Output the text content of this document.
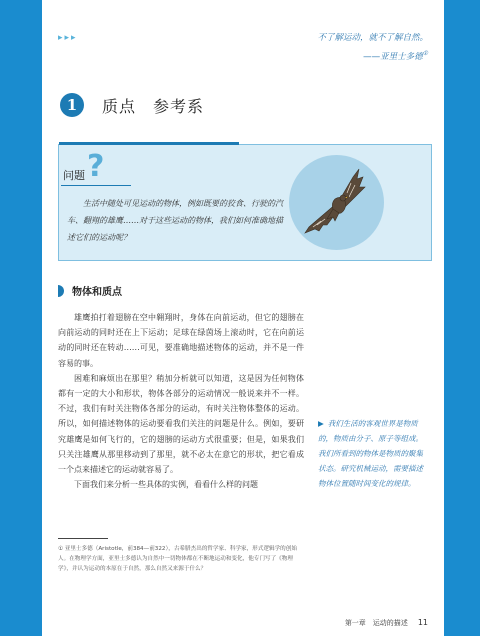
▸▸▸	不了解运动，就不了解自然。
——亚里士多德①
1	质点　参考系
?
问题
生活中随处可见运动的物体，例如既要的狡食、行驶的汽车、翻翔的雄鹰……对于这些运动的物体，我们如何准确地描述它们的运动呢？
物体和质点

雄鹰拍打着翅膀在空中翱翔时，身体在向前运动，但它的翅膀在向前运动的同时还在上下运动；足球在绿茵场上滚动时，它在向前运动的同时还在转动……可见，要准确地描述物体的运动，并不是一件容易的事。

困难和麻烦出在那里？稍加分析就可以知道，这是因为任何物体都有一定的大小和形状，物体各部分的运动情况一般说来并不一样。不过，我们有时关注物体各部分的运动，有时关注物体整体的运动。所以，如何描述物体的运动要看我们关注的问题是什么。例如，要研究雄鹰是如何飞行的，它的翅膀的运动方式很重要；但是，如果我们只关注雄鹰从那里移动到了那里，就不必太在意它的形状，把它看成一个点来描述它的运动就容易了。

下面我们来分析一些具体的实例，看看什么样的问题

▶ 我们生活的客观世界是物质的，物质由分子、原子等组成。我们所看到的物体是物质的聚集状态。研究机械运动，需要描述物体位置随时间变化的规律。
① 亚里士多德（Aristotle，前384—前322），古希腊杰出的哲学家、科学家，形式逻辑学的创始人。在物理学方面，亚里士多德认为自然中一切物体都在不断地运动和变化，他专门写了《物理学》，并认为运动的本原在于自然，那么自然又来源于什么？
第一章　运动的描述 11
